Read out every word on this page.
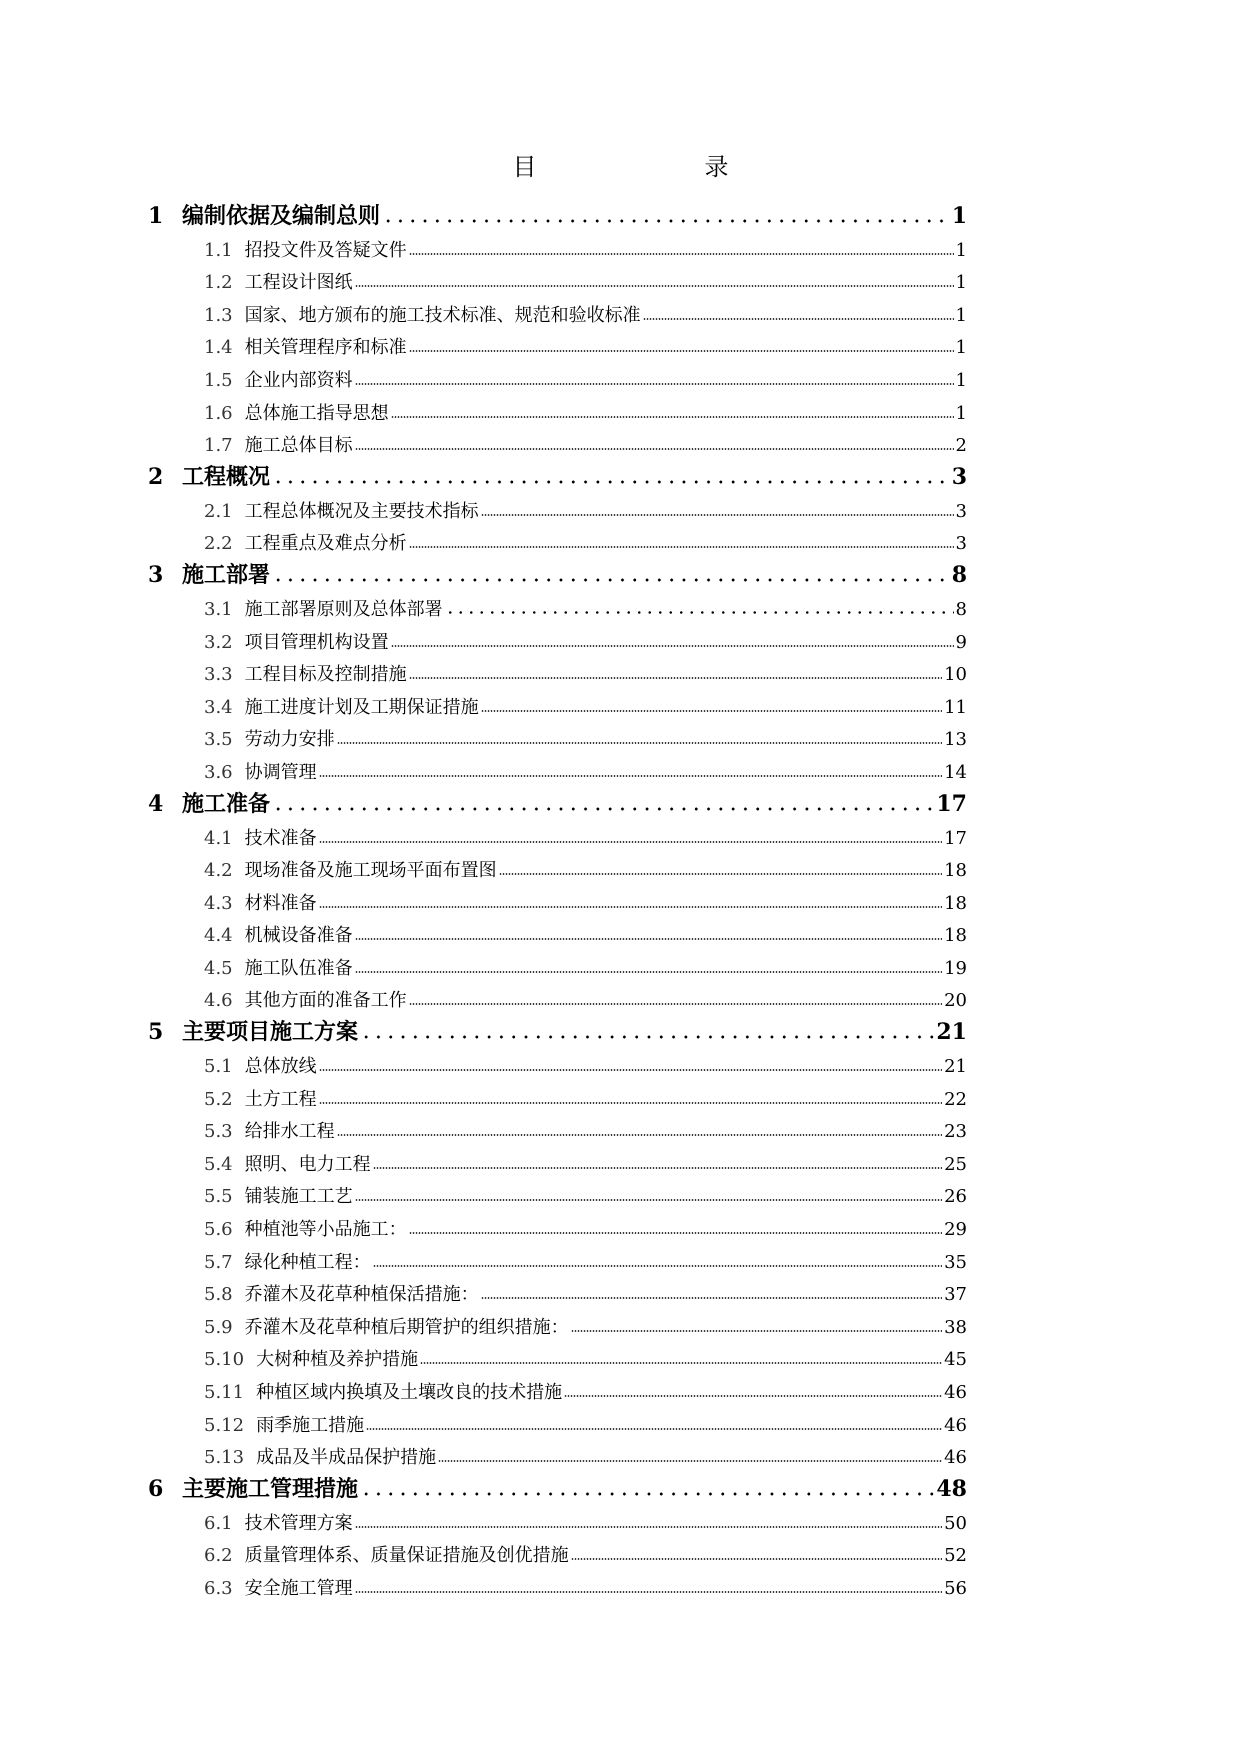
目　　录
1 编制依据及编制总则	1
1.1 招投文件及答疑文件	1
1.2 工程设计图纸	1
1.3 国家、地方颁布的施工技术标准、规范和验收标准	1
1.4 相关管理程序和标准	1
1.5 企业内部资料	1
1.6 总体施工指导思想	1
1.7 施工总体目标	2
2 工程概况	3
2.1 工程总体概况及主要技术指标	3
2.2 工程重点及难点分析	3
3 施工部署	8
3.1 施工部署原则及总体部署	8
3.2 项目管理机构设置	9
3.3 工程目标及控制措施	10
3.4 施工进度计划及工期保证措施	11
3.5 劳动力安排	13
3.6 协调管理	14
4 施工准备	17
4.1 技术准备	17
4.2 现场准备及施工现场平面布置图	18
4.3 材料准备	18
4.4 机械设备准备	18
4.5 施工队伍准备	19
4.6 其他方面的准备工作	20
5 主要项目施工方案	21
5.1 总体放线	21
5.2 土方工程	22
5.3 给排水工程	23
5.4 照明、电力工程	25
5.5 铺装施工工艺	26
5.6 种植池等小品施工：	29
5.7 绿化种植工程：	35
5.8 乔灌木及花草种植保活措施：	37
5.9 乔灌木及花草种植后期管护的组织措施：	38
5.10 大树种植及养护措施	45
5.11 种植区域内换填及土壤改良的技术措施	46
5.12 雨季施工措施	46
5.13 成品及半成品保护措施	46
6 主要施工管理措施	48
6.1 技术管理方案	50
6.2 质量管理体系、质量保证措施及创优措施	52
6.3 安全施工管理	56
